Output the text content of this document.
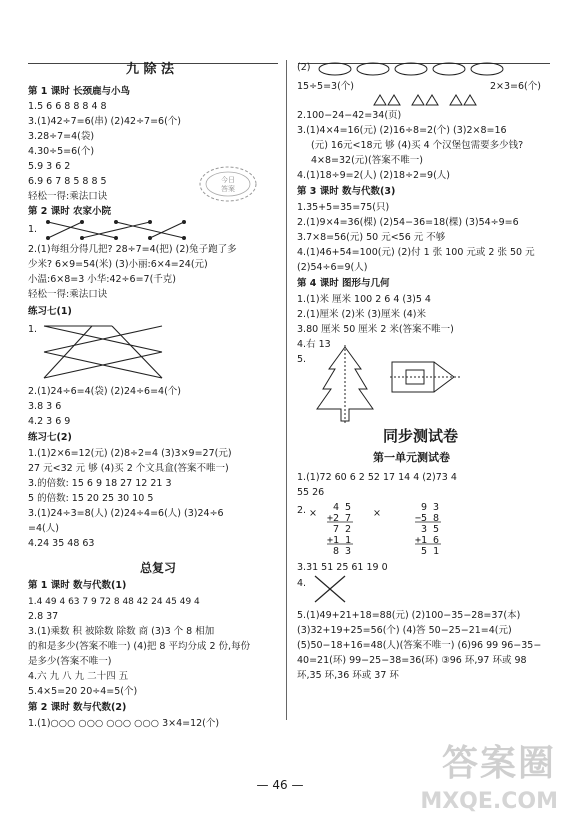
九 除 法
第 1 课时 长颈鹿与小鸟
1.5 6 6 8 8 8 4 8
3.(1)42÷7=6(串) (2)42÷7=6(个)
3.28÷7=4(袋)
4.30÷5=6(个)
5.9 3 6 2
6.9 6 7 8 5 8 8 5
轻松一得:乘法口诀
今日
答案
第 2 课时 农家小院
1.
2.(1)每组分得几把? 28÷7=4(把) (2)兔子跑了多
少米? 6×9=54(米) (3)小丽:6×4=24(元)
小温:6×8=3 小华:42÷6=7(千克)
轻松一得:乘法口诀
练习七(1)
1.
2.(1)24÷6=4(袋) (2)24÷6=4(个)
3.8 3 6
4.2 3 6 9
练习七(2)
1.(1)2×6=12(元) (2)8÷2=4 (3)3×9=27(元)
27 元<32 元 够 (4)买 2 个文具盒(答案不唯一)
3.的倍数: 15 6 9 18 27 12 21 3
5 的倍数: 15 20 25 30 10 5
3.(1)24÷3=8(人) (2)24÷4=6(人) (3)24÷6
=4(人)
4.24 35 48 63
总复习
第 1 课时 数与代数(1)
1.4 49 4 63 7 9 72 8 48 42 24 45 49 4
2.8 37
3.(1)乘数 积 被除数 除数 商 (3)3 个 8 相加
的和是多少(答案不唯一) (4)把 8 平均分成 2 份,每份
是多少(答案不唯一)
4.六 九 八 九 二十四 五
5.4×5=20 20÷4=5(个)
第 2 课时 数与代数(2)
1.(1)○○○ ○○○ ○○○ ○○○ 3×4=12(个)
(2)
15÷5=3(个)	2×3=6(个)
2.100−24−42=34(页)
3.(1)4×4=16(元) (2)16÷8=2(个) (3)2×8=16
(元) 16元<18元 够 (4)买 4 个汉堡包需要多少钱?
4×8=32(元)(答案不唯一)
4.(1)18÷9=2(人) (2)18÷2=9(人)
第 3 课时 数与代数(3)
1.35+5=35=75(只)
2.(1)9×4=36(棵) (2)54−36=18(棵) (3)54÷9=6
3.7×8=56(元) 50 元<56 元 不够
4.(1)46+54=100(元) (2)付 1 张 100 元或 2 张 50 元
(2)54÷6=9(人)
第 4 课时 图形与几何
1.(1)米 厘米 100 2 6 4 (3)5 4
2.(1)厘米 (2)米 (3)厘米 (4)米
3.80 厘米 50 厘米 2 米(答案不唯一)
4.右 13
5.
同步测试卷
第一单元测试卷
1.(1)72 60 6 2 52 17 14 4 (2)73 4
55 26
2. ×
4 5
+2 7
7 2
+1 1
8 3
×
9 3
−5 8
3 5
+1 6
5 1
3.31 51 25 61 19 0
4.
5.(1)49+21+18=88(元) (2)100−35−28=37(本)
(3)32+19+25=56(个) (4)答 50−25−21=4(元)
(5)50−18+16=48(人)(答案不唯一) (6)96 99 96−35−
40=21(环) 99−25−38=36(环) ③96 环,97 环或 98
环,35 环,36 环或 37 环
— 46 —
答案圈
MXQE.COM
